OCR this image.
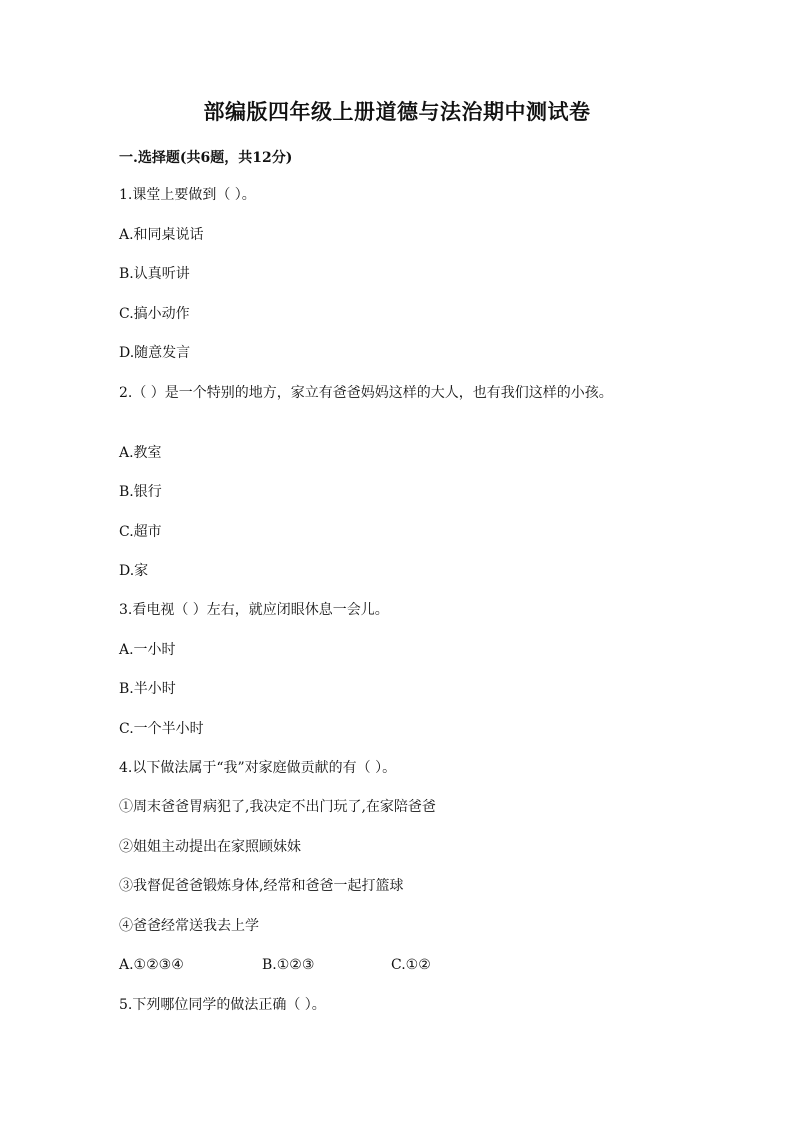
部编版四年级上册道德与法治期中测试卷
一.选择题(共6题，共12分)
1.课堂上要做到（ ）。
A.和同桌说话
B.认真听讲
C.搞小动作
D.随意发言
2.（ ）是一个特别的地方，家立有爸爸妈妈这样的大人，也有我们这样的小孩。
A.教室
B.银行
C.超市
D.家
3.看电视（ ）左右，就应闭眼休息一会儿。
A.一小时
B.半小时
C.一个半小时
4.以下做法属于“我”对家庭做贡献的有（ ）。
①周末爸爸胃病犯了,我决定不出门玩了,在家陪爸爸
②姐姐主动提出在家照顾妹妹
③我督促爸爸锻炼身体,经常和爸爸一起打篮球
④爸爸经常送我去上学
A.①②③④	B.①②③	C.①②
5.下列哪位同学的做法正确（ ）。
